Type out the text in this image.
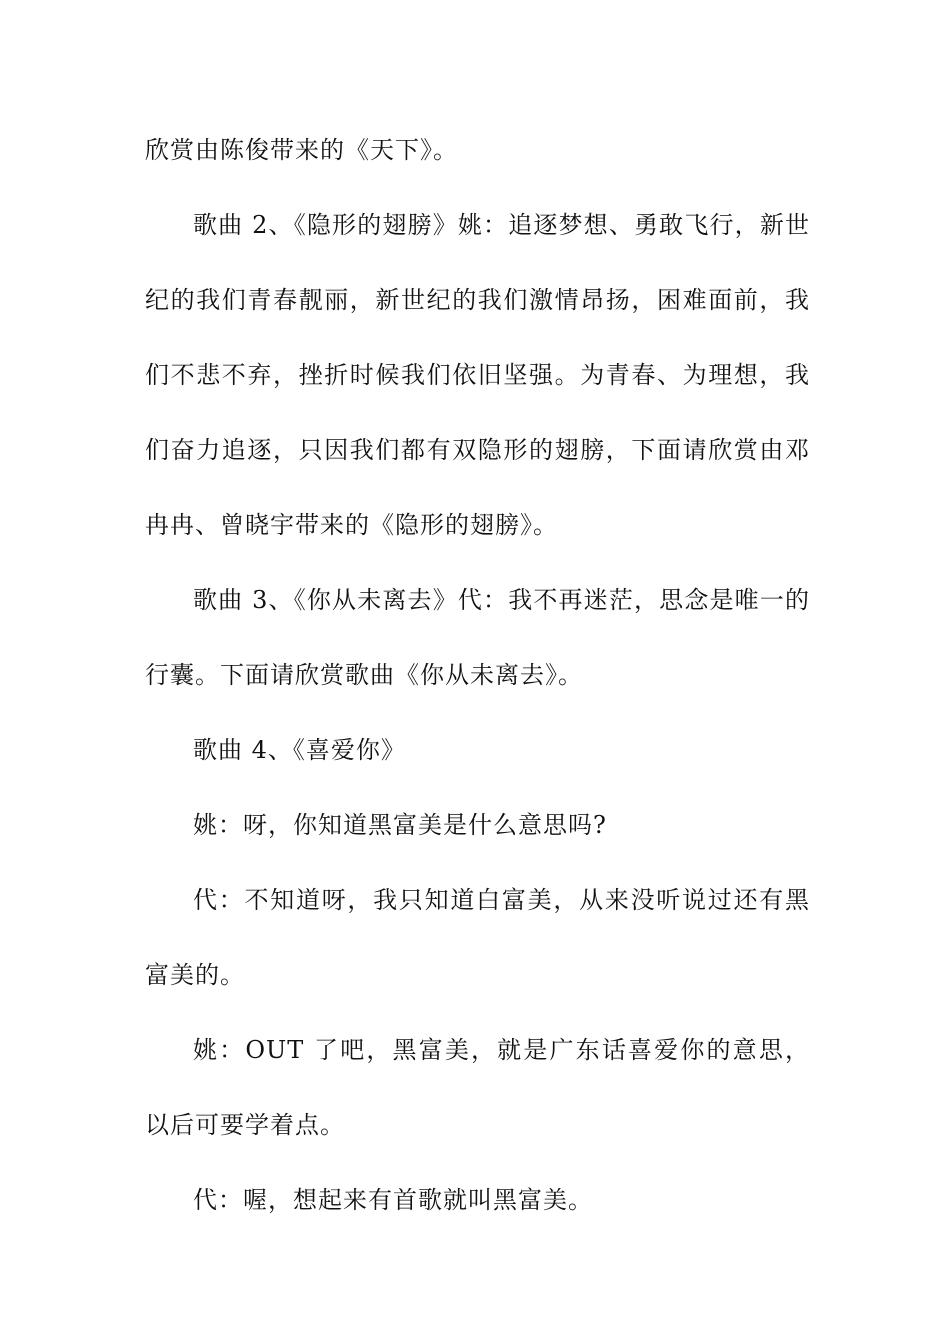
欣赏由陈俊带来的《天下》。

歌曲 2、《隐形的翅膀》姚：追逐梦想、勇敢飞行，新世纪的我们青春靓丽，新世纪的我们激情昂扬，困难面前，我们不悲不弃，挫折时候我们依旧坚强。为青春、为理想，我们奋力追逐，只因我们都有双隐形的翅膀，下面请欣赏由邓冉冉、曾晓宇带来的《隐形的翅膀》。

歌曲 3、《你从未离去》代：我不再迷茫，思念是唯一的行囊。下面请欣赏歌曲《你从未离去》。

歌曲 4、《喜爱你》

姚：呀，你知道黑富美是什么意思吗?

代：不知道呀，我只知道白富美，从来没听说过还有黑富美的。

姚：OUT 了吧，黑富美，就是广东话喜爱你的意思，以后可要学着点。

代：喔，想起来有首歌就叫黑富美。
